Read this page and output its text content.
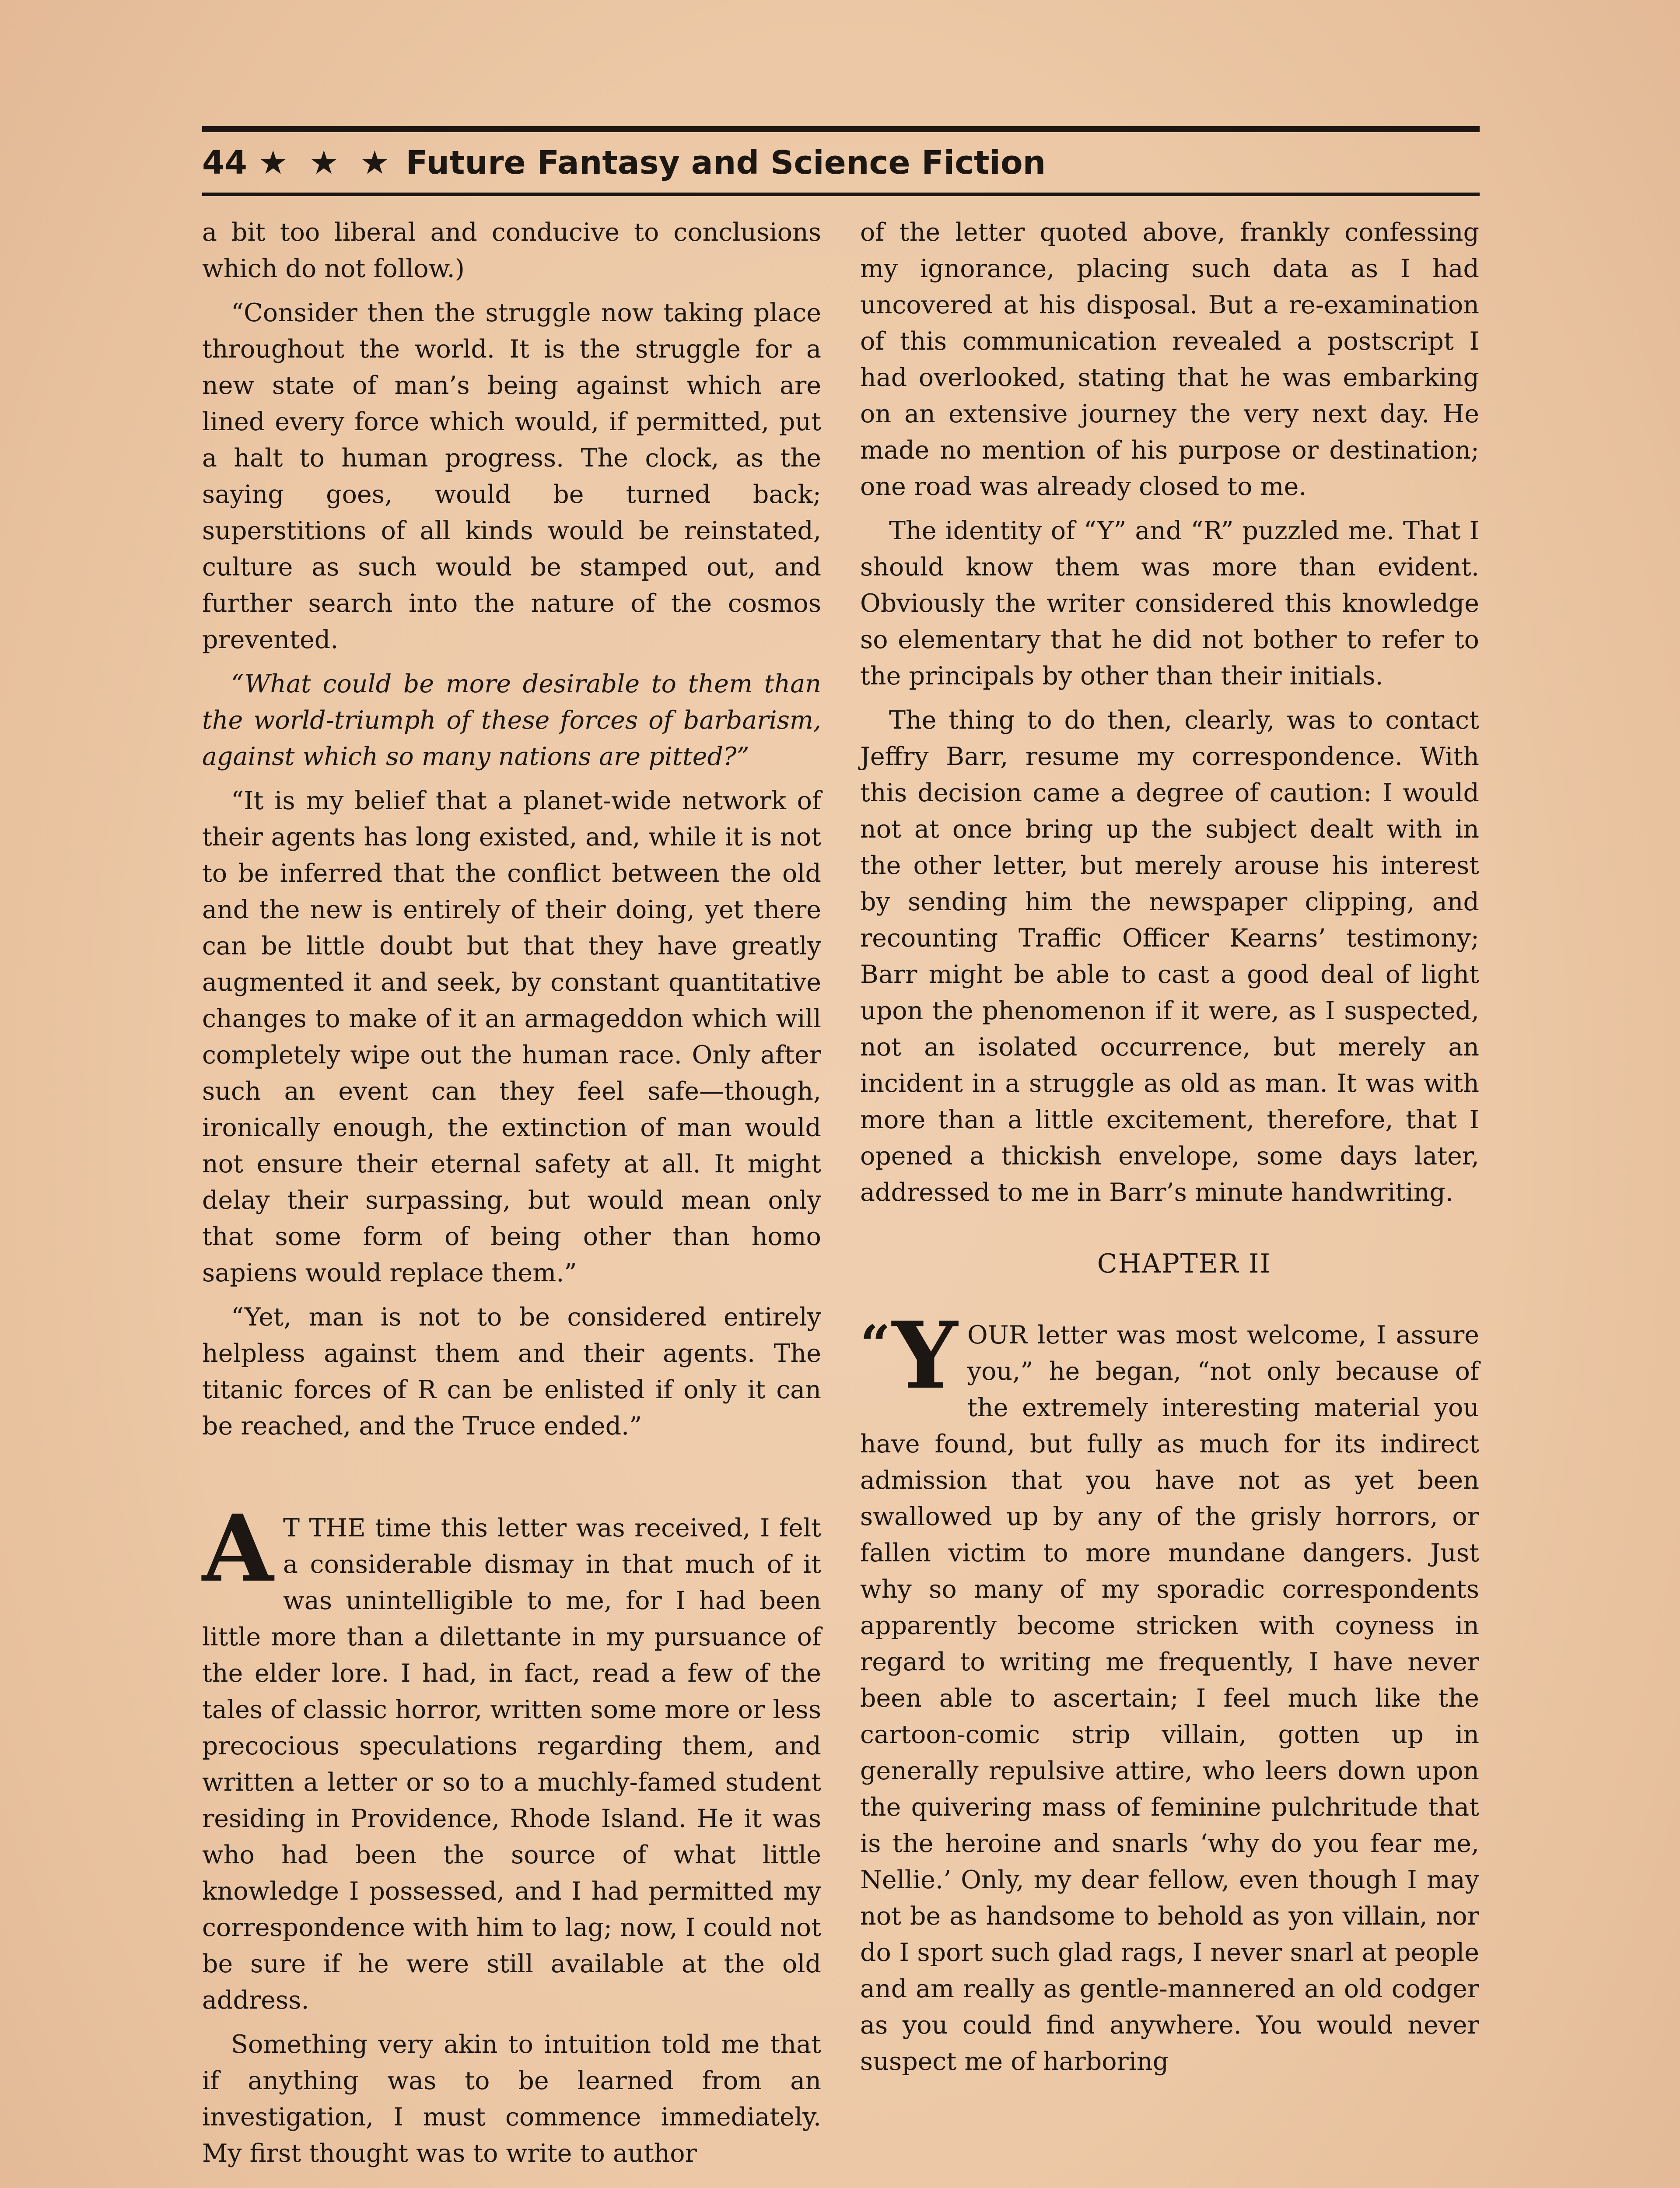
44 ★ ★ ★ Future Fantasy and Science Fiction

a bit too liberal and conducive to conclusions which do not follow.)

“Consider then the struggle now taking place throughout the world. It is the struggle for a new state of man’s being against which are lined every force which would, if permitted, put a halt to human progress. The clock, as the saying goes, would be turned back; superstitions of all kinds would be reinstated, culture as such would be stamped out, and further search into the nature of the cosmos prevented.

“What could be more desirable to them than the world-triumph of these forces of barbarism, against which so many nations are pitted?”

“It is my belief that a planet-wide network of their agents has long existed, and, while it is not to be inferred that the conflict between the old and the new is entirely of their doing, yet there can be little doubt but that they have greatly augmented it and seek, by constant quantitative changes to make of it an armageddon which will completely wipe out the human race. Only after such an event can they feel safe—though, ironically enough, the extinction of man would not ensure their eternal safety at all. It might delay their surpassing, but would mean only that some form of being other than homo sapiens would replace them.”

“Yet, man is not to be considered entirely helpless against them and their agents. The titanic forces of R can be enlisted if only it can be reached, and the Truce ended.”

A T THE time this letter was received, I felt a considerable dismay in that much of it was unintelligible to me, for I had been little more than a dilettante in my pursuance of the elder lore. I had, in fact, read a few of the tales of classic horror, written some more or less precocious speculations regarding them, and written a letter or so to a muchly-famed student residing in Providence, Rhode Island. He it was who had been the source of what little knowledge I possessed, and I had permitted my correspondence with him to lag; now, I could not be sure if he were still available at the old address.

Something very akin to intuition told me that if anything was to be learned from an investigation, I must commence immediately. My first thought was to write to author

of the letter quoted above, frankly confessing my ignorance, placing such data as I had uncovered at his disposal. But a re-examination of this communication revealed a postscript I had overlooked, stating that he was embarking on an extensive journey the very next day. He made no mention of his purpose or destination; one road was already closed to me.

The identity of “Y” and “R” puzzled me. That I should know them was more than evident. Obviously the writer considered this knowledge so elementary that he did not bother to refer to the principals by other than their initials.

The thing to do then, clearly, was to contact Jeffry Barr, resume my correspondence. With this decision came a degree of caution: I would not at once bring up the subject dealt with in the other letter, but merely arouse his interest by sending him the newspaper clipping, and recounting Traffic Officer Kearns’ testimony; Barr might be able to cast a good deal of light upon the phenomenon if it were, as I suspected, not an isolated occurrence, but merely an incident in a struggle as old as man. It was with more than a little excitement, therefore, that I opened a thickish envelope, some days later, addressed to me in Barr’s minute handwriting.

CHAPTER II

“Y OUR letter was most welcome, I assure you,” he began, “not only because of the extremely interesting material you have found, but fully as much for its indirect admission that you have not as yet been swallowed up by any of the grisly horrors, or fallen victim to more mundane dangers. Just why so many of my sporadic correspondents apparently become stricken with coyness in regard to writing me frequently, I have never been able to ascertain; I feel much like the cartoon-comic strip villain, gotten up in generally repulsive attire, who leers down upon the quivering mass of feminine pulchritude that is the heroine and snarls ‘why do you fear me, Nellie.’ Only, my dear fellow, even though I may not be as handsome to behold as yon villain, nor do I sport such glad rags, I never snarl at people and am really as gentle-mannered an old codger as you could find anywhere. You would never suspect me of harboring
